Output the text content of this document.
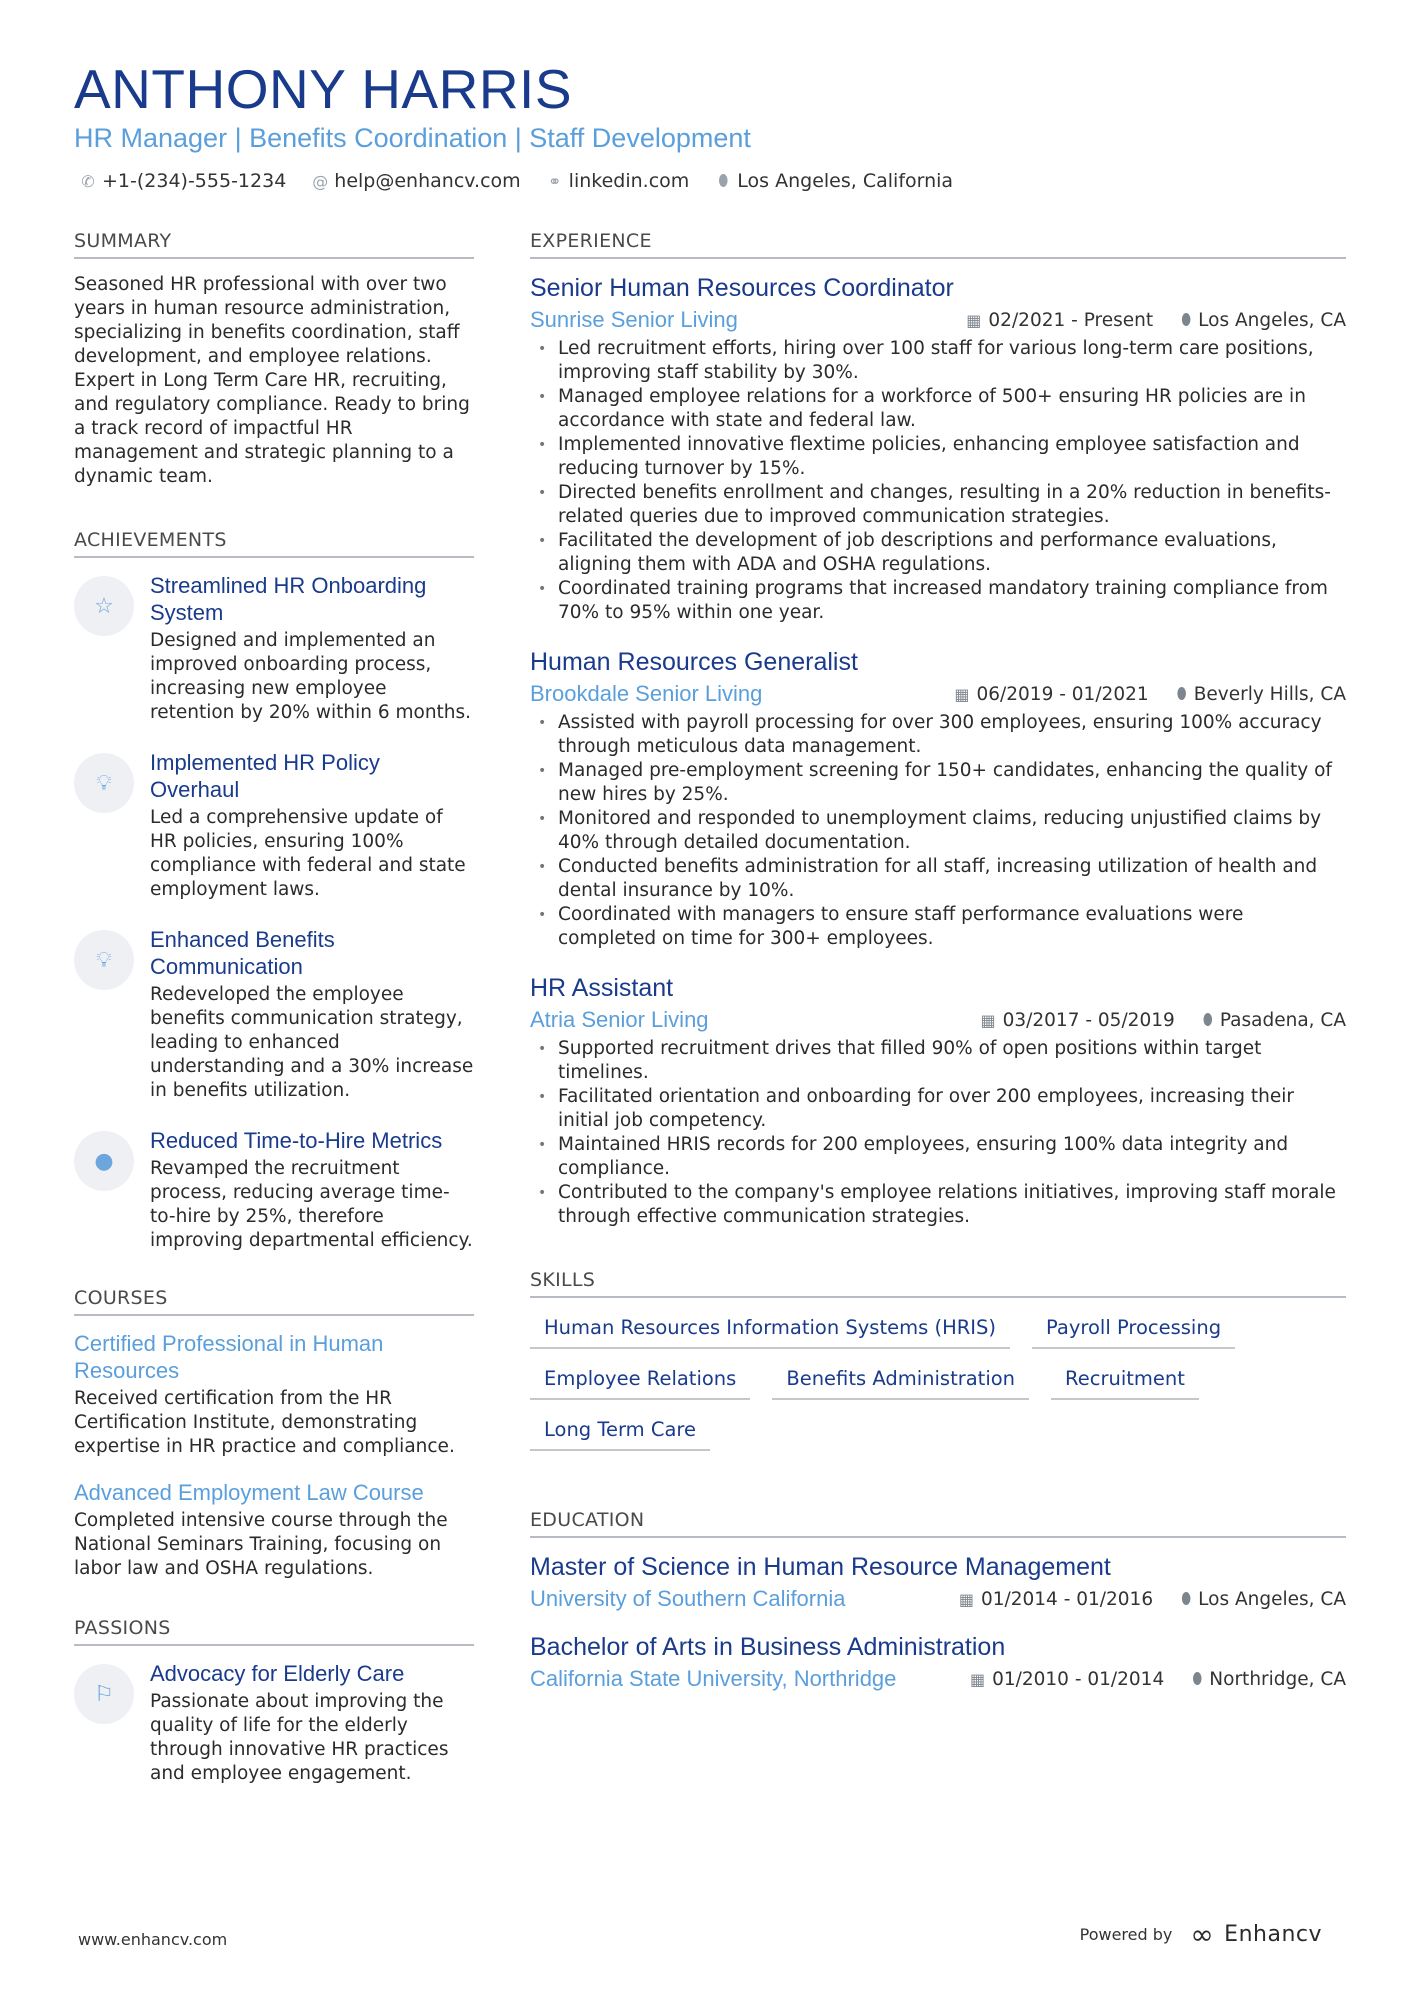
ANTHONY HARRIS
HR Manager | Benefits Coordination | Staff Development
✆ +1-(234)-555-1234 @ help@enhancv.com ⚭ linkedin.com ⬮ Los Angeles, California
SUMMARY
Seasoned HR professional with over two years in human resource administration, specializing in benefits coordination, staff development, and employee relations. Expert in Long Term Care HR, recruiting, and regulatory compliance. Ready to bring a track record of impactful HR management and strategic planning to a dynamic team.
ACHIEVEMENTS
☆
Streamlined HR Onboarding System
Designed and implemented an improved onboarding process, increasing new employee retention by 20% within 6 months.
💡︎
Implemented HR Policy Overhaul
Led a comprehensive update of HR policies, ensuring 100% compliance with federal and state employment laws.
💡︎
Enhanced Benefits Communication
Redeveloped the employee benefits communication strategy, leading to enhanced understanding and a 30% increase in benefits utilization.
●
Reduced Time-to-Hire Metrics
Revamped the recruitment process, reducing average time-to-hire by 25%, therefore improving departmental efficiency.
COURSES
Certified Professional in Human Resources
Received certification from the HR Certification Institute, demonstrating expertise in HR practice and compliance.
Advanced Employment Law Course
Completed intensive course through the National Seminars Training, focusing on labor law and OSHA regulations.
PASSIONS
⚐
Advocacy for Elderly Care
Passionate about improving the quality of life for the elderly through innovative HR practices and employee engagement.
EXPERIENCE
Senior Human Resources Coordinator
Sunrise Senior Living	▦ 02/2021 - Present ⬮ Los Angeles, CA
• Led recruitment efforts, hiring over 100 staff for various long-term care positions, improving staff stability by 30%.
• Managed employee relations for a workforce of 500+ ensuring HR policies are in accordance with state and federal law.
• Implemented innovative flextime policies, enhancing employee satisfaction and reducing turnover by 15%.
• Directed benefits enrollment and changes, resulting in a 20% reduction in benefits-related queries due to improved communication strategies.
• Facilitated the development of job descriptions and performance evaluations, aligning them with ADA and OSHA regulations.
• Coordinated training programs that increased mandatory training compliance from 70% to 95% within one year.
Human Resources Generalist
Brookdale Senior Living	▦ 06/2019 - 01/2021 ⬮ Beverly Hills, CA
• Assisted with payroll processing for over 300 employees, ensuring 100% accuracy through meticulous data management.
• Managed pre-employment screening for 150+ candidates, enhancing the quality of new hires by 25%.
• Monitored and responded to unemployment claims, reducing unjustified claims by 40% through detailed documentation.
• Conducted benefits administration for all staff, increasing utilization of health and dental insurance by 10%.
• Coordinated with managers to ensure staff performance evaluations were completed on time for 300+ employees.
HR Assistant
Atria Senior Living	▦ 03/2017 - 05/2019 ⬮ Pasadena, CA
• Supported recruitment drives that filled 90% of open positions within target timelines.
• Facilitated orientation and onboarding for over 200 employees, increasing their initial job competency.
• Maintained HRIS records for 200 employees, ensuring 100% data integrity and compliance.
• Contributed to the company's employee relations initiatives, improving staff morale through effective communication strategies.
SKILLS
Human Resources Information Systems (HRIS)	Payroll Processing
Employee Relations	Benefits Administration	Recruitment
Long Term Care
EDUCATION
Master of Science in Human Resource Management
University of Southern California	▦ 01/2014 - 01/2016 ⬮ Los Angeles, CA
Bachelor of Arts in Business Administration
California State University, Northridge	▦ 01/2010 - 01/2014 ⬮ Northridge, CA
www.enhancv.com	Powered by ∞ Enhancv
